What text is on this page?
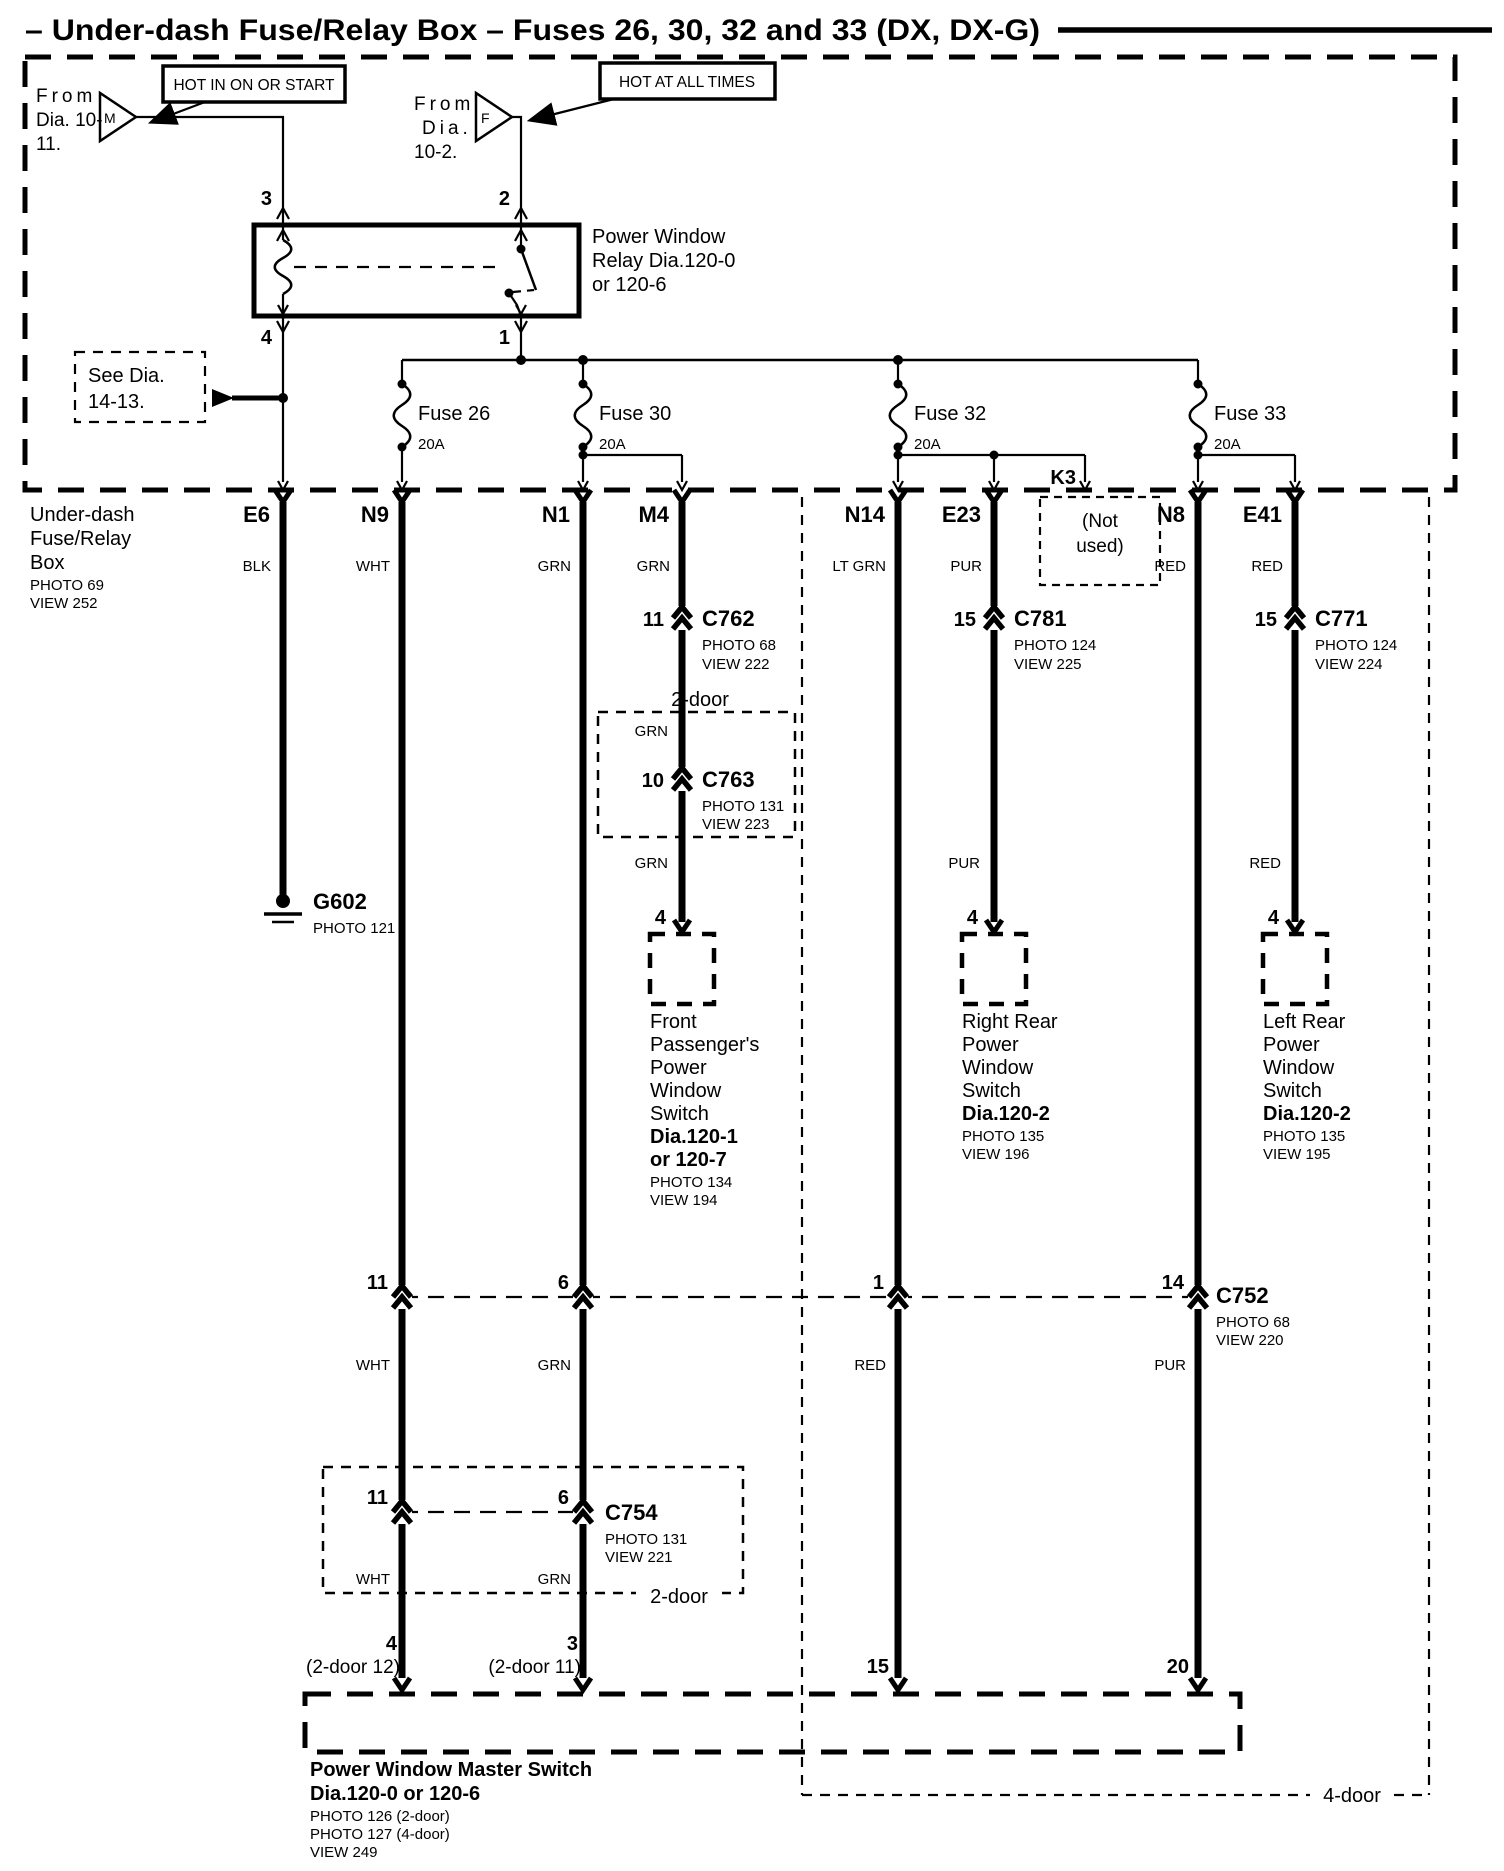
– Under-dash Fuse/Relay Box – Fuses 26, 30, 32 and 33 (DX, DX-G)
From
Dia. 10-
11.
M
HOT IN ON OR START
From
Dia.
10-2.
F
HOT AT ALL TIMES
3	2
4	1
Power Window
Relay Dia.120-0
or 120-6
See Dia.
14-13.
Fuse 26
20A
Fuse 30
20A
Fuse 32
20A
Fuse 33
20A
4-door
Under-dash
Fuse/Relay
Box
PHOTO 69
VIEW 252
E6	N9	N1	M4	N14	E23
K3
N8	E41
(Not
used)
BLK	WHT	GRN	GRN	LT GRN	PUR	RED	RED
G602
PHOTO 121
11 C762
PHOTO 68
VIEW 222
15 C781
PHOTO 124
VIEW 225
15 C771
PHOTO 124
VIEW 224
2-door
GRN
10 C763
PHOTO 131
VIEW 223
GRN	PUR	RED
4
Front
Passenger's
Power
Window
Switch
Dia.120-1
or 120-7
PHOTO 134
VIEW 194
4
Right Rear
Power
Window
Switch
Dia.120-2
PHOTO 135
VIEW 196
4
Left Rear
Power
Window
Switch
Dia.120-2
PHOTO 135
VIEW 195
11	6	1	14 C752
PHOTO 68
VIEW 220
WHT	GRN	RED	PUR
11	6
C754
PHOTO 131
VIEW 221
WHT	GRN
2-door
4
(2-door 12)
3
(2-door 11)	15	20
Power Window Master Switch
Dia.120-0 or 120-6
PHOTO 126 (2-door)
PHOTO 127 (4-door)
VIEW 249
